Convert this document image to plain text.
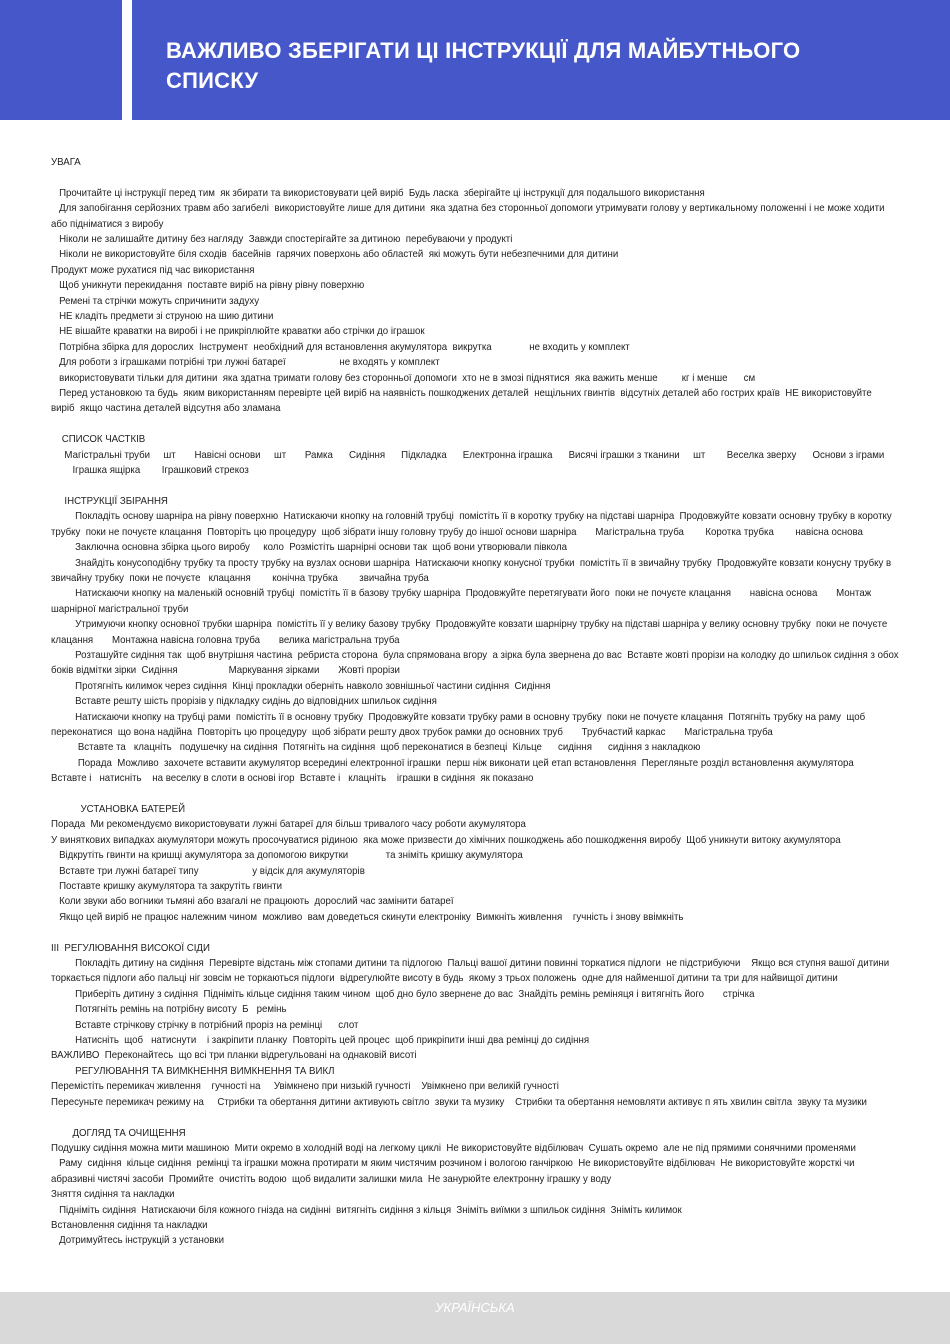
ВАЖЛИВО ЗБЕРІГАТИ ЦІ ІНСТРУКЦІЇ ДЛЯ МАЙБУТНЬОГО СПИСКУ

УВАГА

Прочитайте ці інструкції перед тим  як збирати та використовувати цей виріб  Будь ласка  зберігайте ці інструкції для подальшого використання

Для запобігання серйозних травм або загибелі  використовуйте лише для дитини  яка здатна без сторонньої допомоги утримувати голову у вертикальному положенні і не може ходити

або підніматися з виробу

Ніколи не залишайте дитину без нагляду  Завжди спостерігайте за дитиною  перебуваючи у продукті

Ніколи не використовуйте біля сходів  басейнів  гарячих поверхонь або областей  які можуть бути небезпечними для дитини

Продукт може рухатися під час використання

Щоб уникнути перекидання  поставте виріб на рівну рівну поверхню

Ремені та стрічки можуть спричинити задуху

НЕ кладіть предмети зі струною на шию дитини

НЕ вішайте краватки на виробі і не прикріплюйте краватки або стрічки до іграшок

Потрібна збірка для дорослих  Інструмент  необхідний для встановлення акумулятора  викрутка              не входить у комплект

Для роботи з іграшками потрібні три лужні батареї                    не входять у комплект

використовувати тільки для дитини  яка здатна тримати голову без сторонньої допомоги  хто не в змозі піднятися  яка важить менше         кг і менше      см

Перед установкою та будь  яким використанням перевірте цей виріб на наявність пошкоджених деталей  нещільних гвинтів  відсутніх деталей або гострих країв  НЕ використовуйте

виріб  якщо частина деталей відсутня або зламана

СПИСОК ЧАСТКІВ

Магістральні труби     шт       Навісні основи     шт       Рамка      Сидіння      Підкладка      Електронна іграшка      Висячі іграшки з тканини     шт        Веселка зверху      Основи з іграми

Іграшка ящірка        Іграшковий стрекоз

ІНСТРУКЦІЇ ЗБІРАННЯ

Покладіть основу шарніра на рівну поверхню  Натискаючи кнопку на головній трубці  помістіть її в коротку трубку на підставі шарніра  Продовжуйте ковзати основну трубку в коротку

трубку  поки не почуєте клацання  Повторіть цю процедуру  щоб зібрати іншу головну трубу до іншої основи шарніра       Магістральна труба        Коротка трубка        навісна основа

Заключна основна збірка цього виробу     коло  Розмістіть шарнірні основи так  щоб вони утворювали півкола

Знайдіть конусоподібну трубку та просту трубку на вузлах основи шарніра  Натискаючи кнопку конусної трубки  помістіть її в звичайну трубку  Продовжуйте ковзати конусну трубку в

звичайну трубку  поки не почуєте   клацання        конічна трубка        звичайна труба

Натискаючи кнопку на маленькій основній трубці  помістіть її в базову трубку шарніра  Продовжуйте перетягувати його  поки не почуєте клацання       навісна основа       Монтаж

шарнірної магістральної труби

Утримуючи кнопку основної трубки шарніра  помістіть її у велику базову трубку  Продовжуйте ковзати шарнірну трубку на підставі шарніра у велику основну трубку  поки не почуєте

клацання       Монтажна навісна головна труба       велика магістральна труба

Розташуйте сидіння так  щоб внутрішня частина  ребриста сторона  була спрямована вгору  а зірка була звернена до вас  Вставте жовті прорізи на колодку до шпильок сидіння з обох

боків відмітки зірки  Сидіння                   Маркування зірками       Жовті прорізи

Протягніть килимок через сидіння  Кінці прокладки оберніть навколо зовнішньої частини сидіння  Сидіння

Вставте решту шість прорізів у підкладку сидінь до відповідних шпильок сидіння

Натискаючи кнопку на трубці рами  помістіть її в основну трубку  Продовжуйте ковзати трубку рами в основну трубку  поки не почуєте клацання  Потягніть трубку на раму  щоб

переконатися  що вона надійна  Повторіть цю процедуру  щоб зібрати решту двох трубок рамки до основних труб       Трубчастий каркас       Магістральна труба

Вставте та   клацніть   подушечку на сидіння  Потягніть на сидіння  щоб переконатися в безпеці  Кільце      сидіння      сидіння з накладкою

Порада  Можливо  захочете вставити акумулятор всередині електронної іграшки  перш ніж виконати цей етап встановлення  Перегляньте розділ встановлення акумулятора

Вставте і   натисніть    на веселку в слоти в основі ігор  Вставте і   клацніть    іграшки в сидіння  як показано

УСТАНОВКА БАТЕРЕЙ

Порада  Ми рекомендуємо використовувати лужні батареї для більш тривалого часу роботи акумулятора

У виняткових випадках акумулятори можуть просочуватися рідиною  яка може призвести до хімічних пошкоджень або пошкодження виробу  Щоб уникнути витоку акумулятора

Відкрутіть гвинти на кришці акумулятора за допомогою викрутки              та зніміть кришку акумулятора

Вставте три лужні батареї типу                    у відсік для акумуляторів

Поставте кришку акумулятора та закрутіть гвинти

Коли звуки або вогники тьмяні або взагалі не працюють  дорослий час замінити батареї

Якщо цей виріб не працює належним чином  можливо  вам доведеться скинути електроніку  Вимкніть живлення    гучність і знову ввімкніть

ІІІ  РЕГУЛЮВАННЯ ВИСОКОЇ СІДИ

Покладіть дитину на сидіння  Перевірте відстань між стопами дитини та підлогою  Пальці вашої дитини повинні торкатися підлоги  не підстрибуючи    Якщо вся ступня вашої дитини

торкається підлоги або пальці ніг зовсім не торкаються підлоги  відрегулюйте висоту в будь  якому з трьох положень  одне для найменшої дитини та три для найвищої дитини

Приберіть дитину з сидіння  Підніміть кільце сидіння таким чином  щоб дно було звернене до вас  Знайдіть ремінь реміняця і витягніть його       стрічка

Потягніть ремінь на потрібну висоту  Б   ремінь

Вставте стрічкову стрічку в потрібний проріз на ремінці      слот

Натисніть  щоб   натиснути    і закріпити планку  Повторіть цей процес  щоб прикріпити інші два ремінці до сидіння

ВАЖЛИВО  Переконайтесь  що всі три планки відрегульовані на однаковій висоті

РЕГУЛЮВАННЯ ТА ВИМКНЕННЯ ВИМКНЕННЯ ТА ВИКЛ

Перемістіть перемикач живлення    гучності на     Увімкнено при низькій гучності    Увімкнено при великій гучності

Пересуньте перемикач режиму на     Стрибки та обертання дитини активують світло  звуки та музику    Стрибки та обертання немовляти активує п ять хвилин світла  звуку та музики

ДОГЛЯД ТА ОЧИЩЕННЯ

Подушку сидіння можна мити машиною  Мити окремо в холодній воді на легкому циклі  Не використовуйте відбілювач  Сушать окремо  але не під прямими сонячними променями

Раму  сидіння  кільце сидіння  ремінці та іграшки можна протирати м яким чистячим розчином і вологою ганчіркою  Не використовуйте відбілювач  Не використовуйте жорсткі чи

абразивні чистячі засоби  Промийте  очистіть водою  щоб видалити залишки мила  Не занурюйте електронну іграшку у воду

Зняття сидіння та накладки

Підніміть сидіння  Натискаючи біля кожного гнізда на сидінні  витягніть сидіння з кільця  Зніміть виїмки з шпильок сидіння  Зніміть килимок

Встановлення сидіння та накладки

Дотримуйтесь інструкцій з установки

УКРАЇНСЬКА
